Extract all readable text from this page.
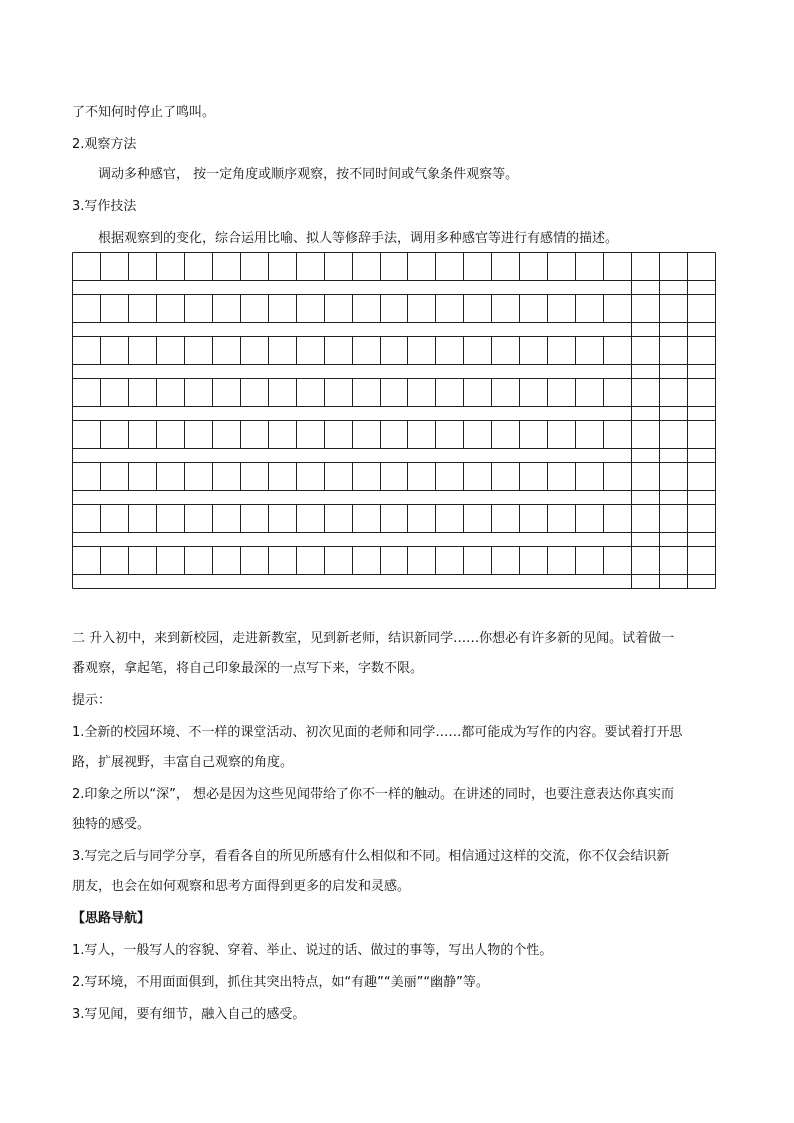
了不知何时停止了鸣叫。
2.观察方法
调动多种感官， 按一定角度或顺序观察，按不同时间或气象条件观察等。
3.写作技法
根据观察到的变化，综合运用比喻、拟人等修辞手法，调用多种感官等进行有感情的描述。
二 升入初中，来到新校园，走进新教室，见到新老师，结识新同学……你想必有许多新的见闻。试着做一
番观察，拿起笔，将自己印象最深的一点写下来，字数不限。
提示：
1.全新的校园环境、不一样的课堂活动、初次见面的老师和同学……都可能成为写作的内容。要试着打开思
路，扩展视野，丰富自己观察的角度。
2.印象之所以“深”， 想必是因为这些见闻带给了你不一样的触动。在讲述的同时，也要注意表达你真实而
独特的感受。
3.写完之后与同学分享，看看各自的所见所感有什么相似和不同。相信通过这样的交流，你不仅会结识新
朋友，也会在如何观察和思考方面得到更多的启发和灵感。
【思路导航】
1.写人，一般写人的容貌、穿着、举止、说过的话、做过的事等，写出人物的个性。
2.写环境，不用面面俱到，抓住其突出特点，如“有趣”“美丽”“幽静”等。
3.写见闻，要有细节，融入自己的感受。
